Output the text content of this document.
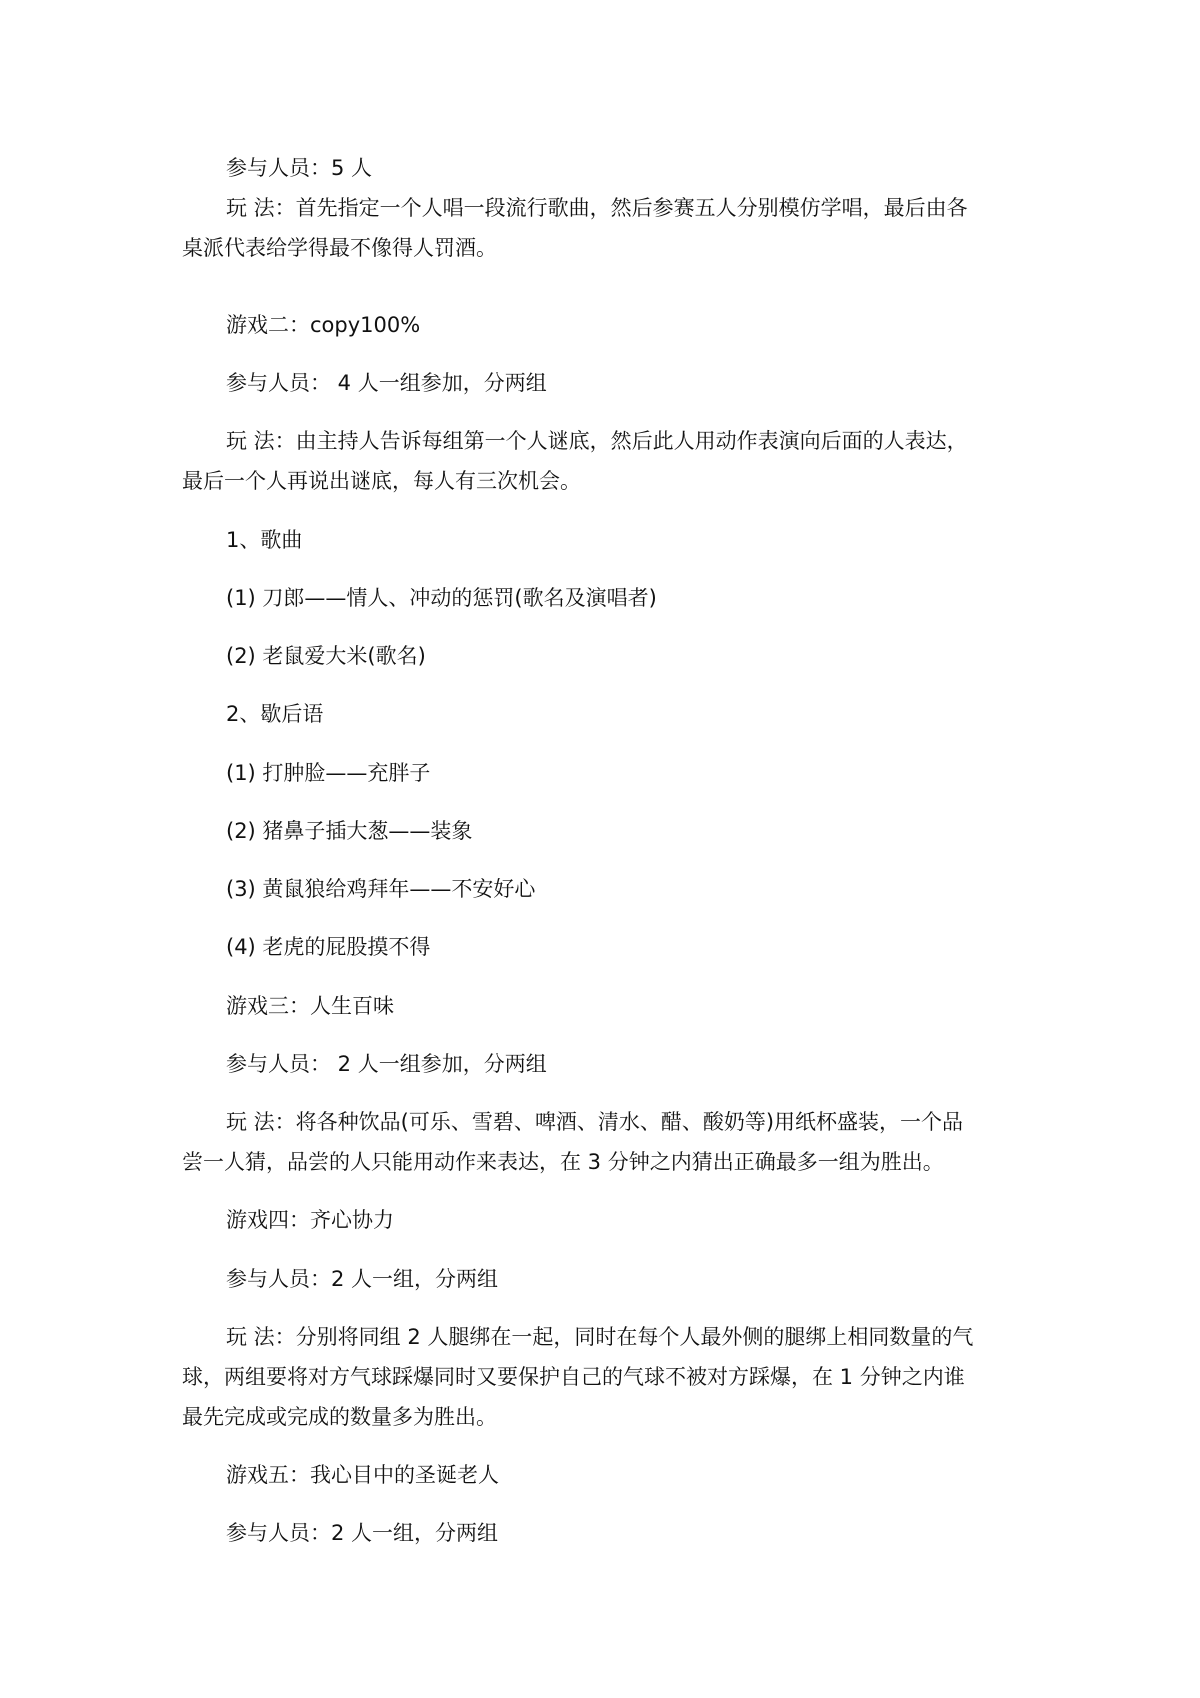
参与人员：5 人

玩 法：首先指定一个人唱一段流行歌曲，然后参赛五人分别模仿学唱，最后由各
桌派代表给学得最不像得人罚酒。

游戏二：copy100%

参与人员： 4 人一组参加，分两组

玩 法：由主持人告诉每组第一个人谜底，然后此人用动作表演向后面的人表达，
最后一个人再说出谜底，每人有三次机会。

1、歌曲

(1) 刀郎——情人、冲动的惩罚(歌名及演唱者)

(2) 老鼠爱大米(歌名)

2、歇后语

(1) 打肿脸——充胖子

(2) 猪鼻子插大葱——装象

(3) 黄鼠狼给鸡拜年——不安好心

(4) 老虎的屁股摸不得

游戏三：人生百味

参与人员： 2 人一组参加，分两组

玩 法：将各种饮品(可乐、雪碧、啤酒、清水、醋、酸奶等)用纸杯盛装，一个品
尝一人猜，品尝的人只能用动作来表达，在 3 分钟之内猜出正确最多一组为胜出。

游戏四：齐心协力

参与人员：2 人一组，分两组

玩 法：分别将同组 2 人腿绑在一起，同时在每个人最外侧的腿绑上相同数量的气
球，两组要将对方气球踩爆同时又要保护自己的气球不被对方踩爆，在 1 分钟之内谁
最先完成或完成的数量多为胜出。

游戏五：我心目中的圣诞老人

参与人员：2 人一组，分两组
